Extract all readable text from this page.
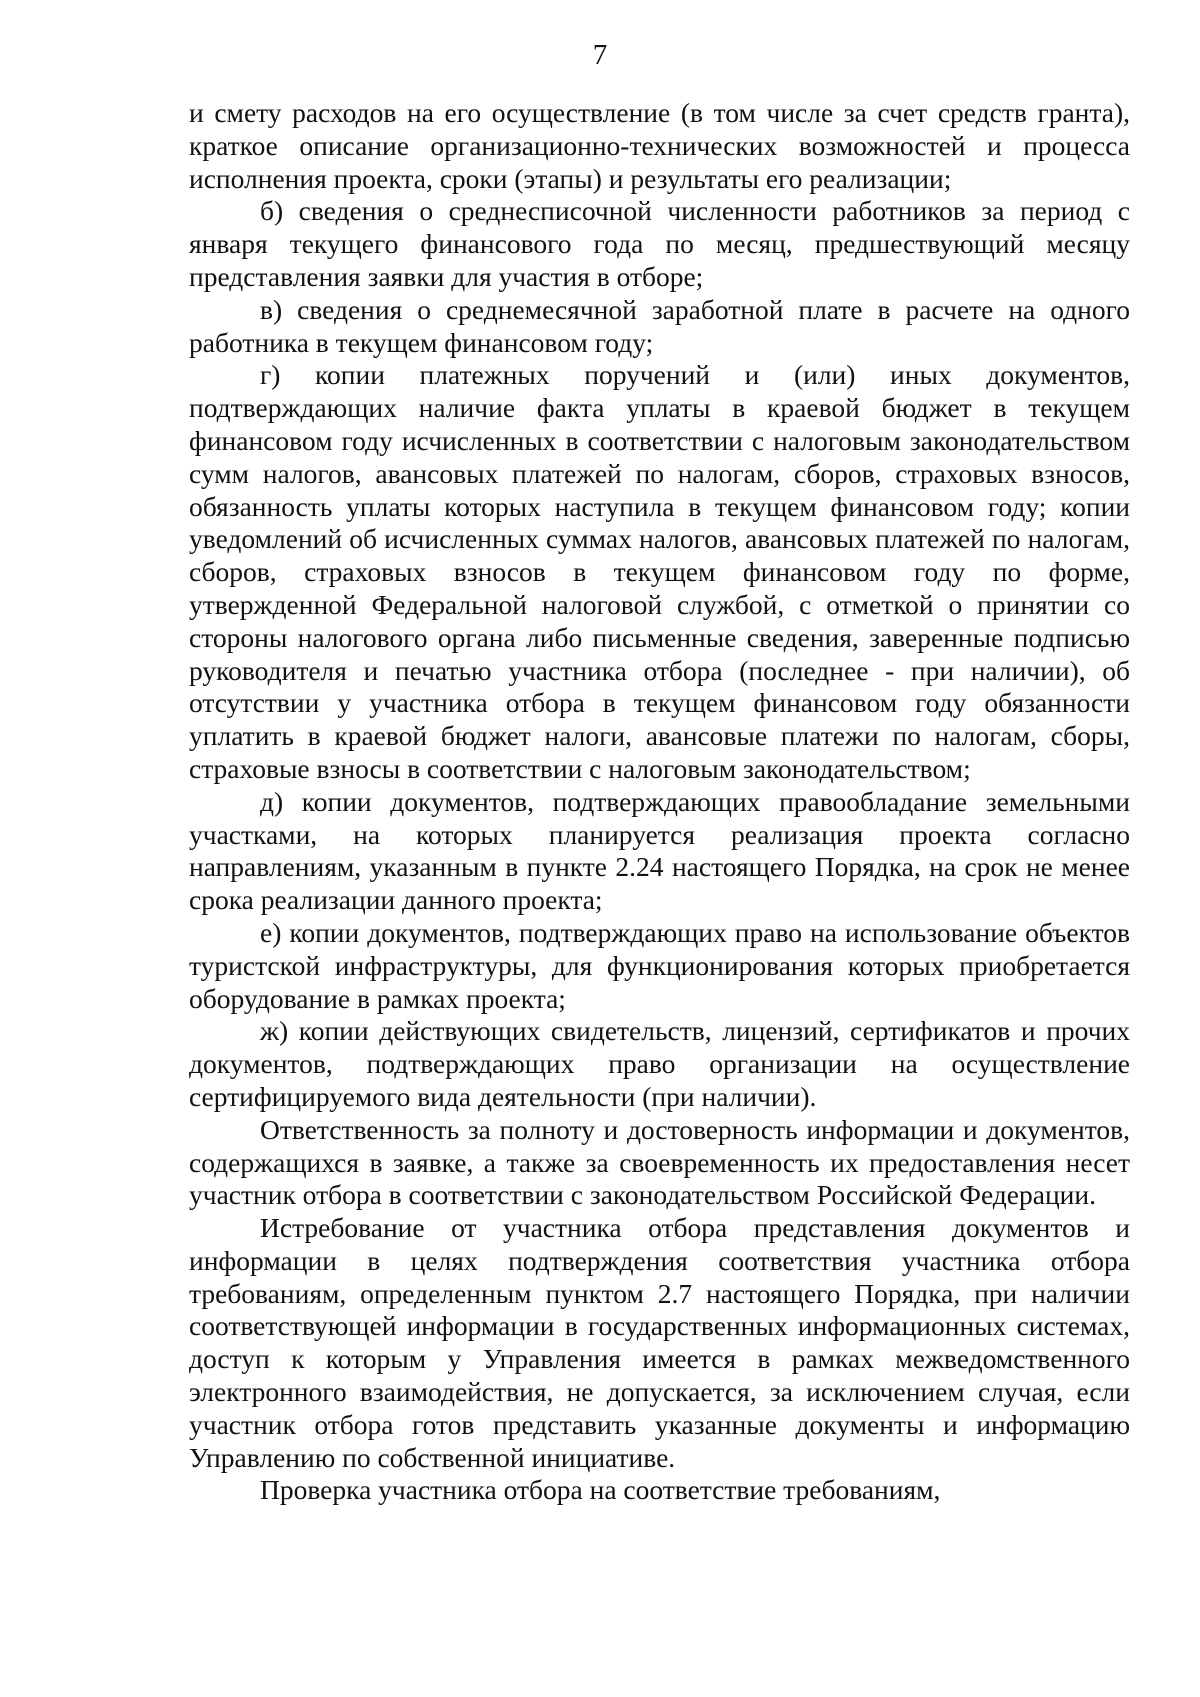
7

и смету расходов на его осуществление (в том числе за счет средств гранта), краткое описание организационно-технических возможностей и процесса исполнения проекта, сроки (этапы) и результаты его реализации;

б) сведения о среднесписочной численности работников за период с января текущего финансового года по месяц, предшествующий месяцу представления заявки для участия в отборе;

в) сведения о среднемесячной заработной плате в расчете на одного работника в текущем финансовом году;

г) копии платежных поручений и (или) иных документов, подтверждающих наличие факта уплаты в краевой бюджет в текущем финансовом году исчисленных в соответствии с налоговым законодательством сумм налогов, авансовых платежей по налогам, сборов, страховых взносов, обязанность уплаты которых наступила в текущем финансовом году; копии уведомлений об исчисленных суммах налогов, авансовых платежей по налогам, сборов, страховых взносов в текущем финансовом году по форме, утвержденной Федеральной налоговой службой, с отметкой о принятии со стороны налогового органа либо письменные сведения, заверенные подписью руководителя и печатью участника отбора (последнее - при наличии), об отсутствии у участника отбора в текущем финансовом году обязанности уплатить в краевой бюджет налоги, авансовые платежи по налогам, сборы, страховые взносы в соответствии с налоговым законодательством;

д) копии документов, подтверждающих правообладание земельными участками, на которых планируется реализация проекта согласно направлениям, указанным в пункте 2.24 настоящего Порядка, на срок не менее срока реализации данного проекта;

е) копии документов, подтверждающих право на использование объектов туристской инфраструктуры, для функционирования которых приобретается оборудование в рамках проекта;

ж) копии действующих свидетельств, лицензий, сертификатов и прочих документов, подтверждающих право организации на осуществление сертифицируемого вида деятельности (при наличии).

Ответственность за полноту и достоверность информации и документов, содержащихся в заявке, а также за своевременность их предоставления несет участник отбора в соответствии с законодательством Российской Федерации.

Истребование от участника отбора представления документов и информации в целях подтверждения соответствия участника отбора требованиям, определенным пунктом 2.7 настоящего Порядка, при наличии соответствующей информации в государственных информационных системах, доступ к которым у Управления имеется в рамках межведомственного электронного взаимодействия, не допускается, за исключением случая, если участник отбора готов представить указанные документы и информацию Управлению по собственной инициативе.

Проверка участника отбора на соответствие требованиям,
